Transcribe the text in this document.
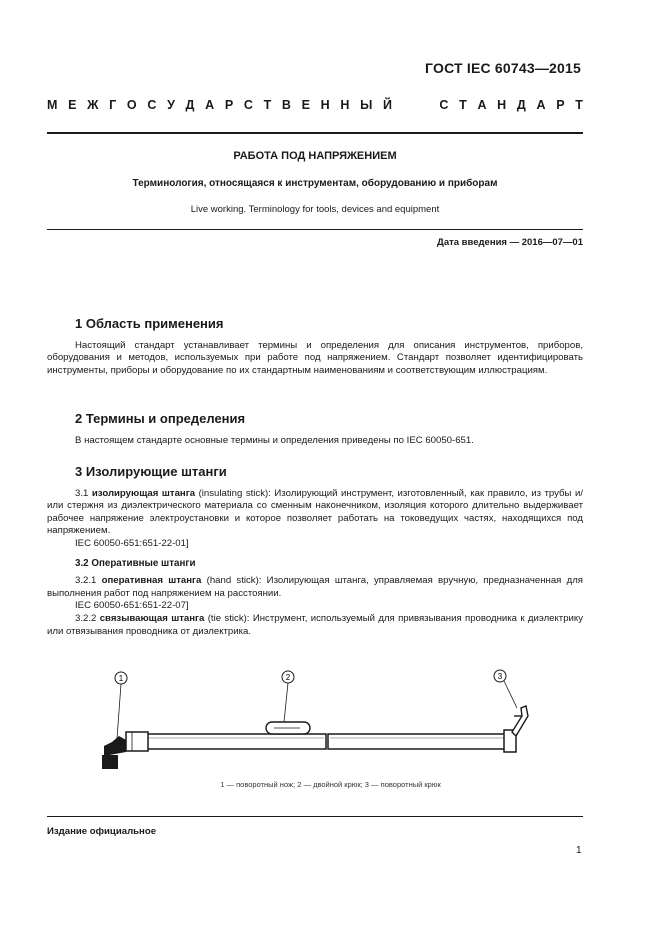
ГОСТ IEC 60743—2015
М Е Ж Г О С У Д А Р С Т В Е Н Н Ы Й	С Т А Н Д А Р Т
РАБОТА ПОД НАПРЯЖЕНИЕМ
Терминология, относящаяся к инструментам, оборудованию и приборам
Live working. Terminology for tools, devices and equipment
Дата введения — 2016—07—01
1 Область применения

Настоящий стандарт устанавливает термины и определения для описания инструментов, приборов, оборудования и методов, используемых при работе под напряжением. Стандарт позволяет идентифицировать инструменты, приборы и оборудование по их стандартным наименованиям и соответствующим иллюстрациям.

2 Термины и определения

В настоящем стандарте основные термины и определения приведены по IEC 60050-651.

3 Изолирующие штанги

3.1 изолирующая штанга (insulating stick): Изолирующий инструмент, изготовленный, как правило, из трубы и/или стержня из диэлектрического материала со сменным наконечником, изоляция которого длительно выдерживает рабочее напряжение электроустановки и которое позволяет работать на токоведущих частях, находящихся под напряжением.

IEC 60050-651:651-22-01]

3.2 Оперативные штанги

3.2.1 оперативная штанга (hand stick): Изолирующая штанга, управляемая вручную, предназначенная для выполнения работ под напряжением на расстоянии.

IEC 60050-651:651-22-07]

3.2.2 связывающая штанга (tie stick): Инструмент, используемый для привязывания проводника к диэлектрику или отвязывания проводника от диэлектрика.

1	2	3
1 — поворотный нож; 2 — двойной крюк; 3 — поворотный крюк
Издание официальное
1
